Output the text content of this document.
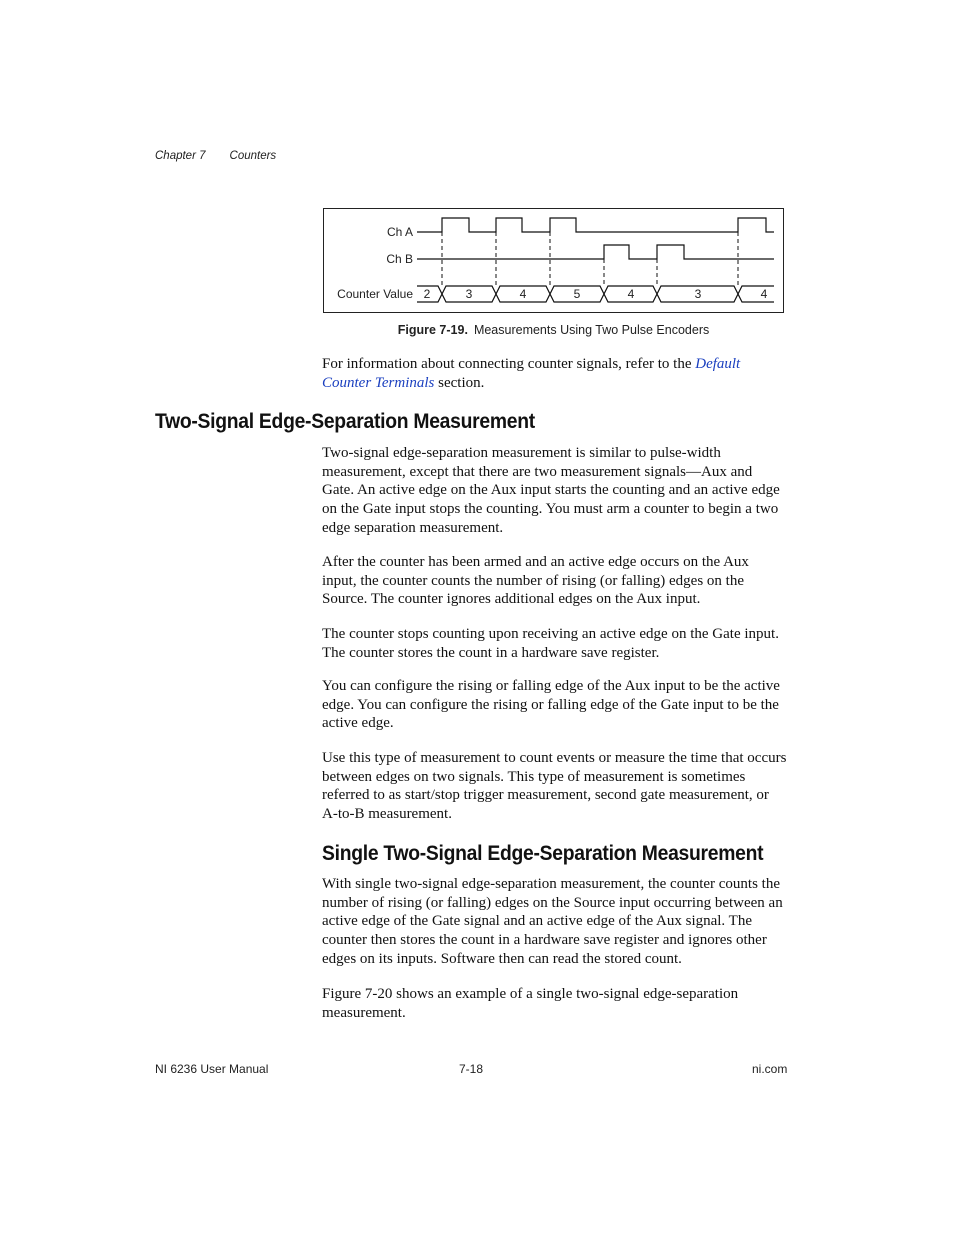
Chapter 7 Counters
Ch A
Ch B
Counter Value 2	3	4	5	4	3	4
Figure 7-19. Measurements Using Two Pulse Encoders

For information about connecting counter signals, refer to the Default Counter Terminals section.

Two-Signal Edge-Separation Measurement

Two-signal edge-separation measurement is similar to pulse-width measurement, except that there are two measurement signals—Aux and Gate. An active edge on the Aux input starts the counting and an active edge on the Gate input stops the counting. You must arm a counter to begin a two edge separation measurement.

After the counter has been armed and an active edge occurs on the Aux input, the counter counts the number of rising (or falling) edges on the Source. The counter ignores additional edges on the Aux input.

The counter stops counting upon receiving an active edge on the Gate input. The counter stores the count in a hardware save register.

You can configure the rising or falling edge of the Aux input to be the active edge. You can configure the rising or falling edge of the Gate input to be the active edge.

Use this type of measurement to count events or measure the time that occurs between edges on two signals. This type of measurement is sometimes referred to as start/stop trigger measurement, second gate measurement, or A-to-B measurement.

Single Two-Signal Edge-Separation Measurement

With single two-signal edge-separation measurement, the counter counts the number of rising (or falling) edges on the Source input occurring between an active edge of the Gate signal and an active edge of the Aux signal. The counter then stores the count in a hardware save register and ignores other edges on its inputs. Software then can read the stored count.

Figure 7-20 shows an example of a single two-signal edge-separation measurement.

NI 6236 User Manual	7-18	ni.com
